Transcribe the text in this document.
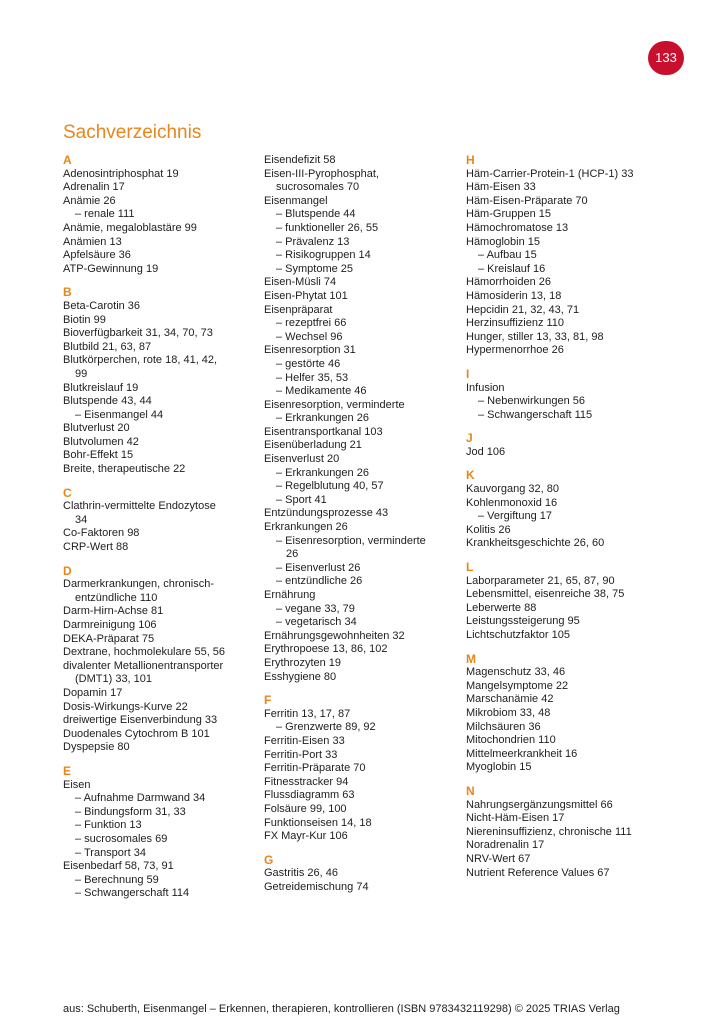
133
Sachverzeichnis
A
Adenosintriphosphat 19
Adrenalin 17
Anämie 26
– renale 111
Anämie, megaloblastäre 99
Anämien 13
Apfelsäure 36
ATP-Gewinnung 19
B
Beta-Carotin 36
Biotin 99
Bioverfügbarkeit 31, 34, 70, 73
Blutbild 21, 63, 87
Blutkörperchen, rote 18, 41, 42,
99
Blutkreislauf 19
Blutspende 43, 44
– Eisenmangel 44
Blutverlust 20
Blutvolumen 42
Bohr-Effekt 15
Breite, therapeutische 22
C
Clathrin-vermittelte Endozytose
34
Co-Faktoren 98
CRP-Wert 88
D
Darmerkrankungen, chronisch-
entzündliche 110
Darm-Hirn-Achse 81
Darmreinigung 106
DEKA-Präparat 75
Dextrane, hochmolekulare 55, 56
divalenter Metallionentransporter
(DMT1) 33, 101
Dopamin 17
Dosis-Wirkungs-Kurve 22
dreiwertige Eisenverbindung 33
Duodenales Cytochrom B 101
Dyspepsie 80
E
Eisen
– Aufnahme Darmwand 34
– Bindungsform 31, 33
– Funktion 13
– sucrosomales 69
– Transport 34
Eisenbedarf 58, 73, 91
– Berechnung 59
– Schwangerschaft 114
Eisendefizit 58
Eisen-III-Pyrophosphat,
sucrosomales 70
Eisenmangel
– Blutspende 44
– funktioneller 26, 55
– Prävalenz 13
– Risikogruppen 14
– Symptome 25
Eisen-Müsli 74
Eisen-Phytat 101
Eisenpräparat
– rezeptfrei 66
– Wechsel 96
Eisenresorption 31
– gestörte 46
– Helfer 35, 53
– Medikamente 46
Eisenresorption, verminderte
– Erkrankungen 26
Eisentransportkanal 103
Eisenüberladung 21
Eisenverlust 20
– Erkrankungen 26
– Regelblutung 40, 57
– Sport 41
Entzündungsprozesse 43
Erkrankungen 26
– Eisenresorption, verminderte
26
– Eisenverlust 26
– entzündliche 26
Ernährung
– vegane 33, 79
– vegetarisch 34
Ernährungsgewohnheiten 32
Erythropoese 13, 86, 102
Erythrozyten 19
Esshygiene 80
F
Ferritin 13, 17, 87
– Grenzwerte 89, 92
Ferritin-Eisen 33
Ferritin-Port 33
Ferritin-Präparate 70
Fitnesstracker 94
Flussdiagramm 63
Folsäure 99, 100
Funktionseisen 14, 18
FX Mayr-Kur 106
G
Gastritis 26, 46
Getreidemischung 74
H
Häm-Carrier-Protein-1 (HCP-1) 33
Häm-Eisen 33
Häm-Eisen-Präparate 70
Häm-Gruppen 15
Hämochromatose 13
Hämoglobin 15
– Aufbau 15
– Kreislauf 16
Hämorrhoiden 26
Hämosiderin 13, 18
Hepcidin 21, 32, 43, 71
Herzinsuffizienz 110
Hunger, stiller 13, 33, 81, 98
Hypermenorrhoe 26
I
Infusion
– Nebenwirkungen 56
– Schwangerschaft 115
J
Jod 106
K
Kauvorgang 32, 80
Kohlenmonoxid 16
– Vergiftung 17
Kolitis 26
Krankheitsgeschichte 26, 60
L
Laborparameter 21, 65, 87, 90
Lebensmittel, eisenreiche 38, 75
Leberwerte 88
Leistungssteigerung 95
Lichtschutzfaktor 105
M
Magenschutz 33, 46
Mangelsymptome 22
Marschanämie 42
Mikrobiom 33, 48
Milchsäuren 36
Mitochondrien 110
Mittelmeerkrankheit 16
Myoglobin 15
N
Nahrungsergänzungsmittel 66
Nicht-Häm-Eisen 17
Niereninsuffizienz, chronische 111
Noradrenalin 17
NRV-Wert 67
Nutrient Reference Values 67
aus: Schuberth, Eisenmangel – Erkennen, therapieren, kontrollieren (ISBN 9783432119298) © 2025 TRIAS Verlag
